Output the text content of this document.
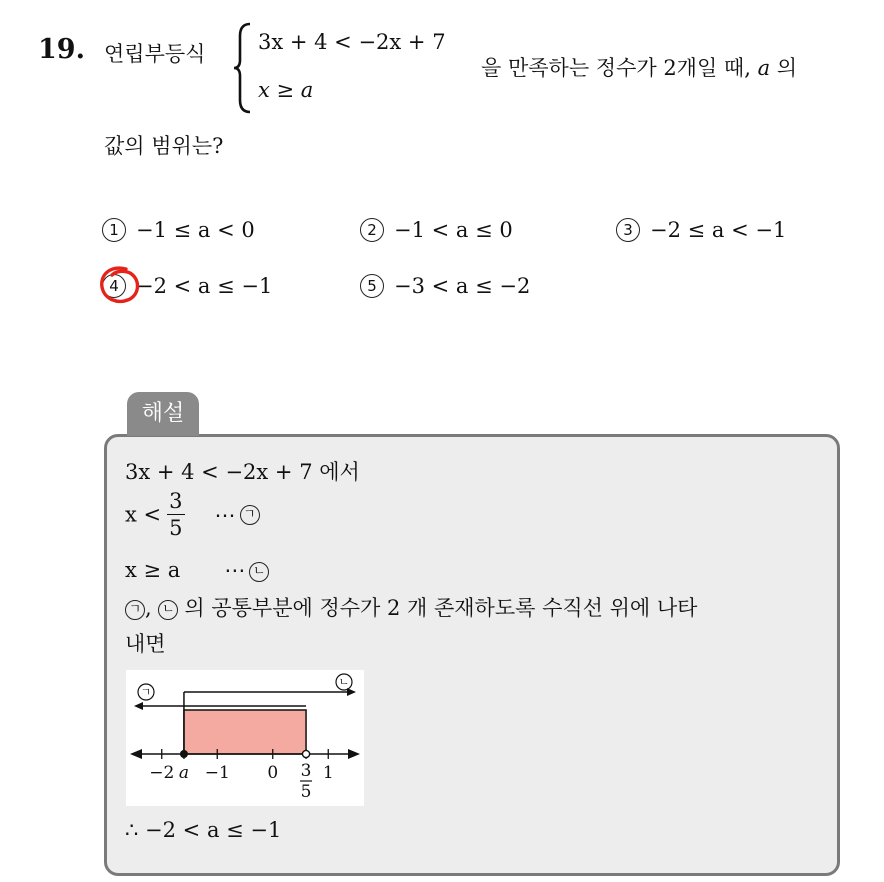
19. 연립부등식	3x + 4 < −2x + 7
x ≥ a
을 만족하는 정수가 2개일 때, a 의
값의 범위는?
1 −1 ≤ a < 0	2 −1 < a ≤ 0	3 −2 ≤ a < −1
4 −2 < a ≤ −1	5 −3 < a ≤ −2
해설
3x + 4 < −2x + 7 에서
$x < \frac{3}{5}$ ⋯ ㄱ
x ≥ a ⋯ ㄴ
ㄱ , ㄴ 의 공통부분에 정수가 2 개 존재하도록 수직선 위에 나타
내면
−2 a −1 0	1
ㄱ
ㄴ
3
5
∴ −2 < a ≤ −1
